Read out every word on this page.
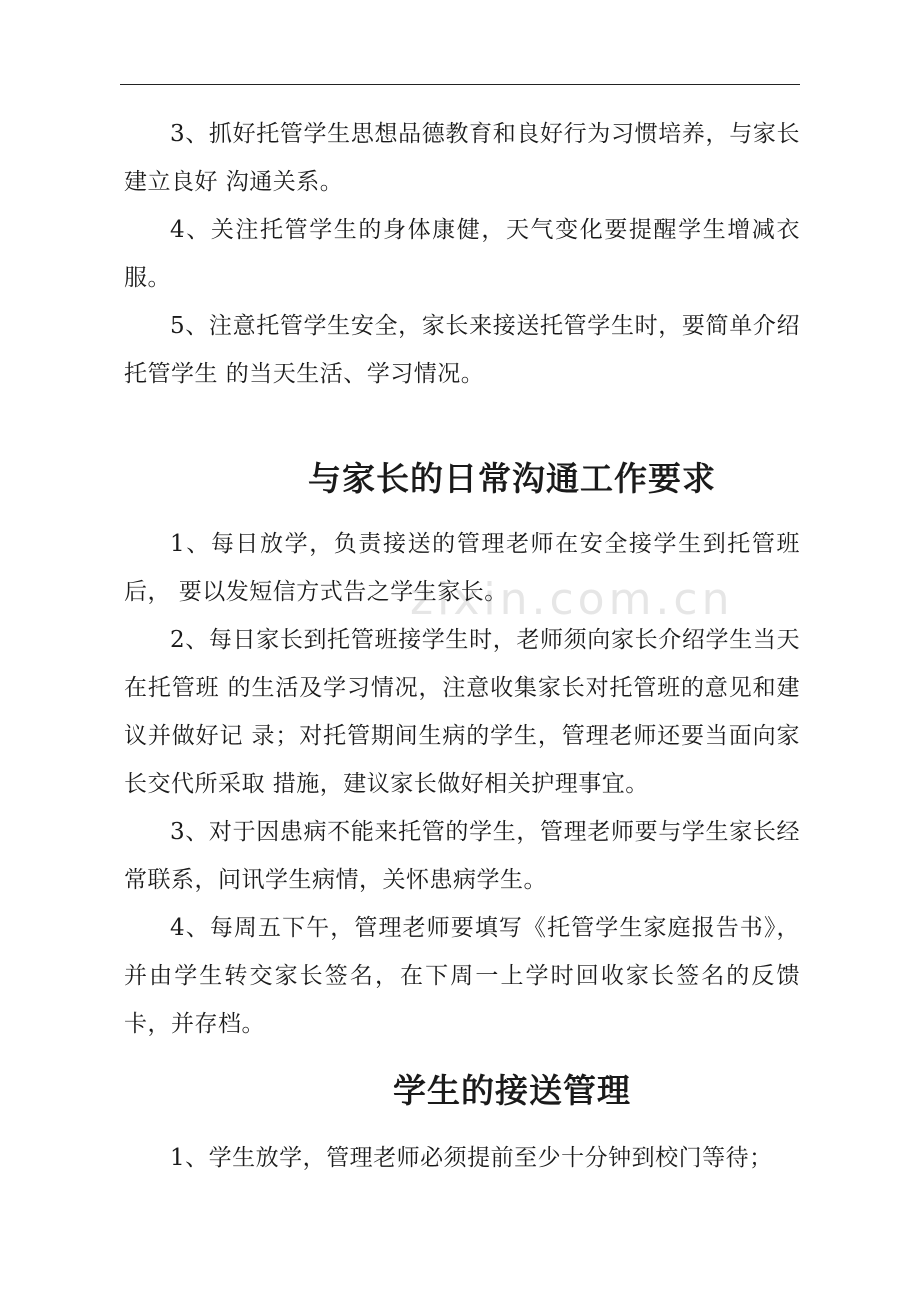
zixin.com.cn

3、抓好托管学生思想品德教育和良好行为习惯培养，与家长建立良好 沟通关系。

4、关注托管学生的身体康健，天气变化要提醒学生增减衣服。

5、注意托管学生安全，家长来接送托管学生时，要简单介绍托管学生 的当天生活、学习情况。

与家长的日常沟通工作要求

1、每日放学，负责接送的管理老师在安全接学生到托管班后， 要以发短信方式告之学生家长。

2、每日家长到托管班接学生时，老师须向家长介绍学生当天在托管班 的生活及学习情况，注意收集家长对托管班的意见和建议并做好记 录；对托管期间生病的学生，管理老师还要当面向家长交代所采取 措施，建议家长做好相关护理事宜。

3、对于因患病不能来托管的学生，管理老师要与学生家长经常联系，问讯学生病情，关怀患病学生。

4、每周五下午，管理老师要填写《托管学生家庭报告书》，并由学生转交家长签名，在下周一上学时回收家长签名的反馈卡，并存档。

学生的接送管理

1、学生放学，管理老师必须提前至少十分钟到校门等待；
